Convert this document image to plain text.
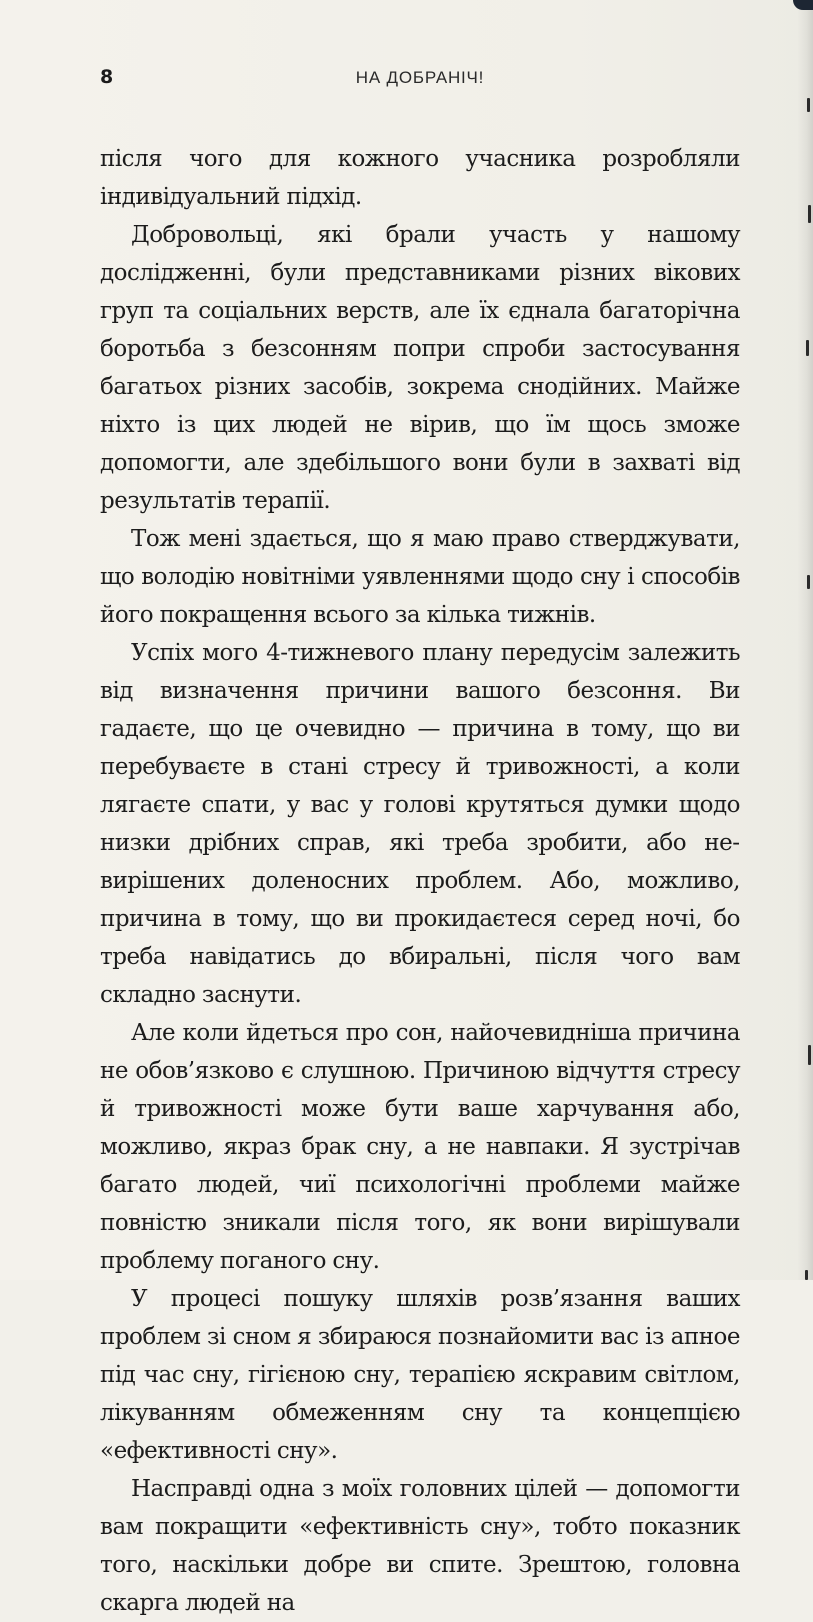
8	НА ДОБРАНІЧ!

після чого для кожного учасника розробляли індивідуальний підхід.

Добровольці, які брали участь у нашому дослідженні, були представниками різних вікових груп та соціальних верств, але їх єднала багаторічна боротьба з безсонням попри спроби застосування багатьох різних засобів, зокрема снодійних. Майже ніхто із цих людей не вірив, що їм щось зможе допомогти, але здебільшого вони були в захваті від результатів терапії.

Тож мені здається, що я маю право стверджувати, що володію новітніми уявленнями щодо сну і способів його покращення всього за кілька тижнів.

Успіх мого 4-тижневого плану передусім залежить від визначення причини вашого безсоння. Ви гадаєте, що це очевидно — причина в тому, що ви перебуваєте в стані стресу й тривожності, а коли лягаєте спати, у вас у голові крутяться думки щодо низки дрібних справ, які треба зробити, або невирішених доленосних проблем. Або, можливо, причина в тому, що ви прокидаєтеся серед ночі, бо треба навідатись до вбиральні, після чого вам складно заснути.

Але коли йдеться про сон, найочевидніша причина не обов’язково є слушною. Причиною відчуття стресу й тривожності може бути ваше харчування або, можливо, якраз брак сну, а не навпаки. Я зустрічав багато людей, чиї психологічні проблеми майже повністю зникали після того, як вони вирішували проблему поганого сну.

У процесі пошуку шляхів розв’язання ваших проблем зі сном я збираюся познайомити вас із апное під час сну, гігієною сну, терапією яскравим світлом, лікуванням обмеженням сну та концепцією «ефективності сну».

Насправді одна з моїх головних цілей — допомогти вам покращити «ефективність сну», тобто показник того, наскільки добре ви спите. Зрештою, головна скарга людей на
